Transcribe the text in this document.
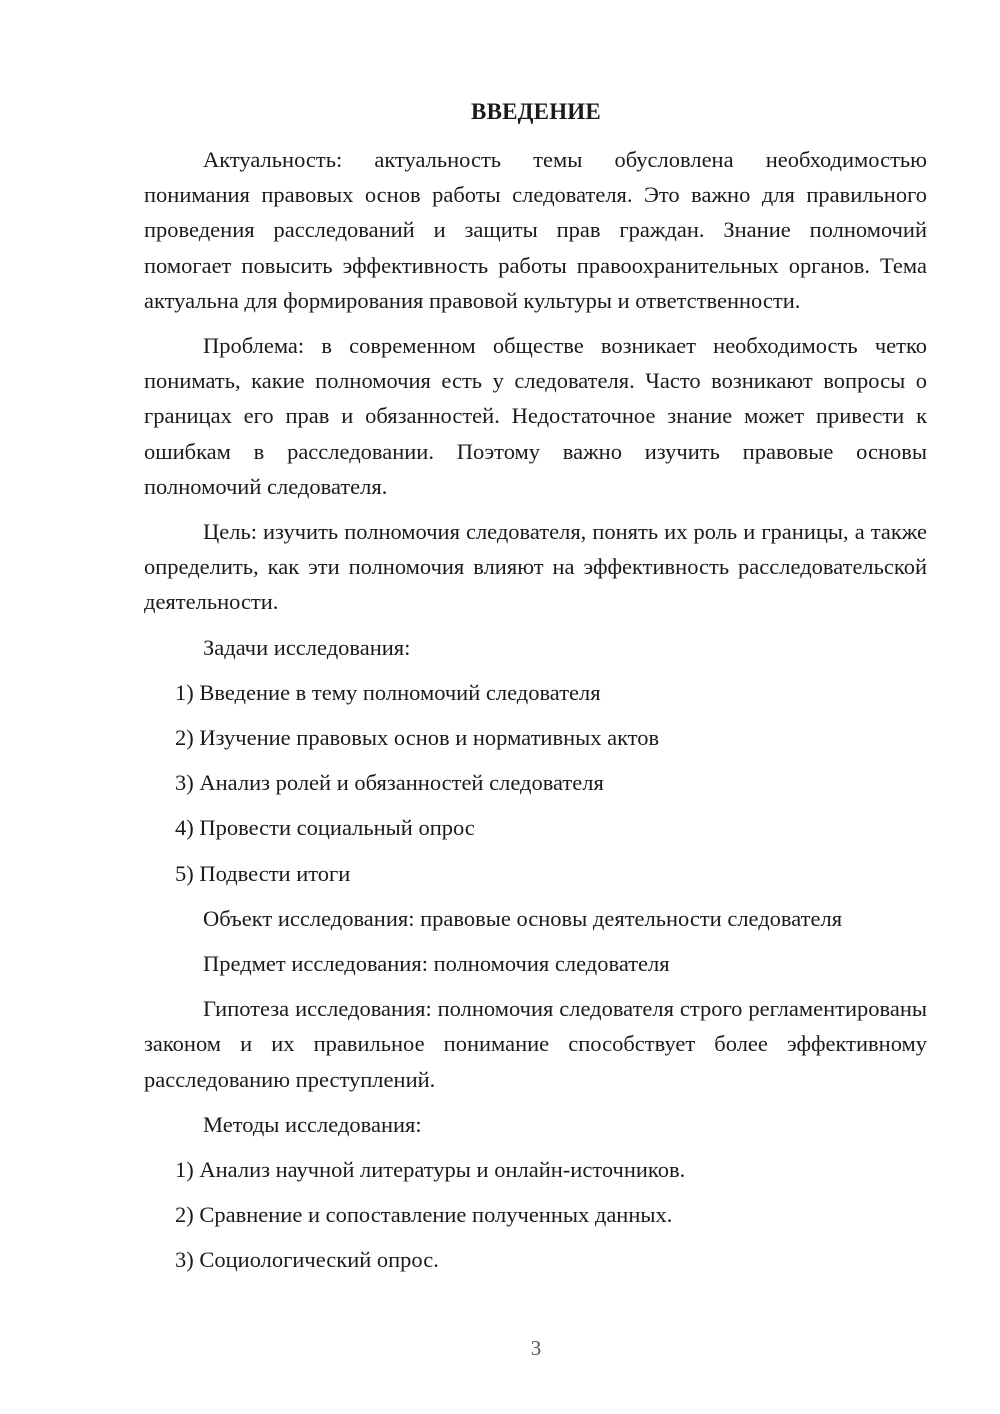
ВВЕДЕНИЕ

Актуальность: актуальность темы обусловлена необходимостью понимания правовых основ работы следователя. Это важно для правильного проведения расследований и защиты прав граждан. Знание полномочий помогает повысить эффективность работы правоохранительных органов. Тема актуальна для формирования правовой культуры и ответственности.

Проблема: в современном обществе возникает необходимость четко понимать, какие полномочия есть у следователя. Часто возникают вопросы о границах его прав и обязанностей. Недостаточное знание может привести к ошибкам в расследовании. Поэтому важно изучить правовые основы полномочий следователя.

Цель: изучить полномочия следователя, понять их роль и границы, а также определить, как эти полномочия влияют на эффективность расследовательской деятельности.

Задачи исследования:

1) Введение в тему полномочий следователя

2) Изучение правовых основ и нормативных актов

3) Анализ ролей и обязанностей следователя

4) Провести социальный опрос

5) Подвести итоги

Объект исследования: правовые основы деятельности следователя

Предмет исследования: полномочия следователя

Гипотеза исследования: полномочия следователя строго регламентированы законом и их правильное понимание способствует более эффективному расследованию преступлений.

Методы исследования:

1) Анализ научной литературы и онлайн-источников.

2) Сравнение и сопоставление полученных данных.

3) Социологический опрос.

3
